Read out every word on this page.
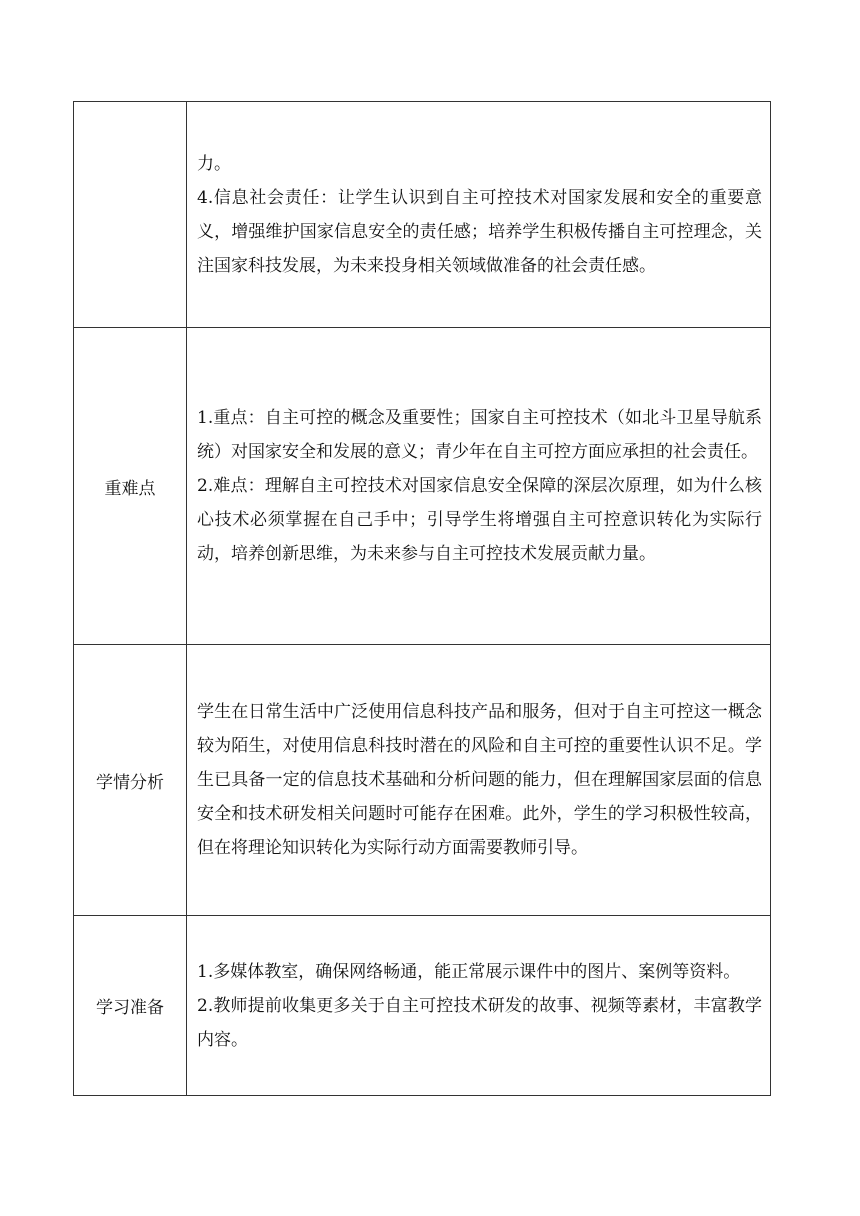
	力。

4.信息社会责任：让学生认识到自主可控技术对国家发展和安全的重要意义，增强维护国家信息安全的责任感；培养学生积极传播自主可控理念，关注国家科技发展，为未来投身相关领域做准备的社会责任感。

重难点	1.重点：自主可控的概念及重要性；国家自主可控技术（如北斗卫星导航系统）对国家安全和发展的意义；青少年在自主可控方面应承担的社会责任。

2.难点：理解自主可控技术对国家信息安全保障的深层次原理，如为什么核心技术必须掌握在自己手中；引导学生将增强自主可控意识转化为实际行动，培养创新思维，为未来参与自主可控技术发展贡献力量。

学情分析	学生在日常生活中广泛使用信息科技产品和服务，但对于自主可控这一概念较为陌生，对使用信息科技时潜在的风险和自主可控的重要性认识不足。学生已具备一定的信息技术基础和分析问题的能力，但在理解国家层面的信息安全和技术研发相关问题时可能存在困难。此外，学生的学习积极性较高，但在将理论知识转化为实际行动方面需要教师引导。

学习准备	1.多媒体教室，确保网络畅通，能正常展示课件中的图片、案例等资料。

2.教师提前收集更多关于自主可控技术研发的故事、视频等素材，丰富教学内容。
